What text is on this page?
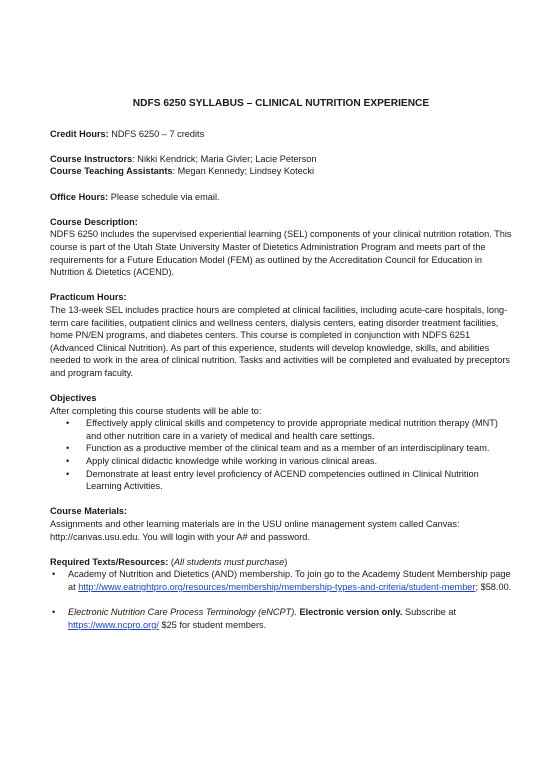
NDFS 6250 SYLLABUS – CLINICAL NUTRITION EXPERIENCE

Credit Hours: NDFS 6250 – 7 credits

Course Instructors: Nikki Kendrick; Maria Givler; Lacie Peterson

Course Teaching Assistants: Megan Kennedy; Lindsey Kotecki

Office Hours: Please schedule via email.

Course Description:

NDFS 6250 includes the supervised experiential learning (SEL) components of your clinical nutrition rotation. This course is part of the Utah State University Master of Dietetics Administration Program and meets part of the requirements for a Future Education Model (FEM) as outlined by the Accreditation Council for Education in Nutrition & Dietetics (ACEND).

Practicum Hours:

The 13-week SEL includes practice hours are completed at clinical facilities, including acute-care hospitals, long-term care facilities, outpatient clinics and wellness centers, dialysis centers, eating disorder treatment facilities, home PN/EN programs, and diabetes centers. This course is completed in conjunction with NDFS 6251 (Advanced Clinical Nutrition). As part of this experience, students will develop knowledge, skills, and abilities needed to work in the area of clinical nutrition. Tasks and activities will be completed and evaluated by preceptors and program faculty.

Objectives

After completing this course students will be able to:

• Effectively apply clinical skills and competency to provide appropriate medical nutrition therapy (MNT) and other nutrition care in a variety of medical and health care settings.
• Function as a productive member of the clinical team and as a member of an interdisciplinary team.
• Apply clinical didactic knowledge while working in various clinical areas.
• Demonstrate at least entry level proficiency of ACEND competencies outlined in Clinical Nutrition Learning Activities.

Course Materials:

Assignments and other learning materials are in the USU online management system called Canvas: http://canvas.usu.edu. You will login with your A# and password.

Required Texts/Resources: (All students must purchase)

• Academy of Nutrition and Dietetics (AND) membership. To join go to the Academy Student Membership page at http://www.eatrightpro.org/resources/membership/membership-types-and-criteria/student-member; $58.00.
• Electronic Nutrition Care Process Terminology (eNCPT). Electronic version only. Subscribe at https://www.ncpro.org/ $25 for student members.
